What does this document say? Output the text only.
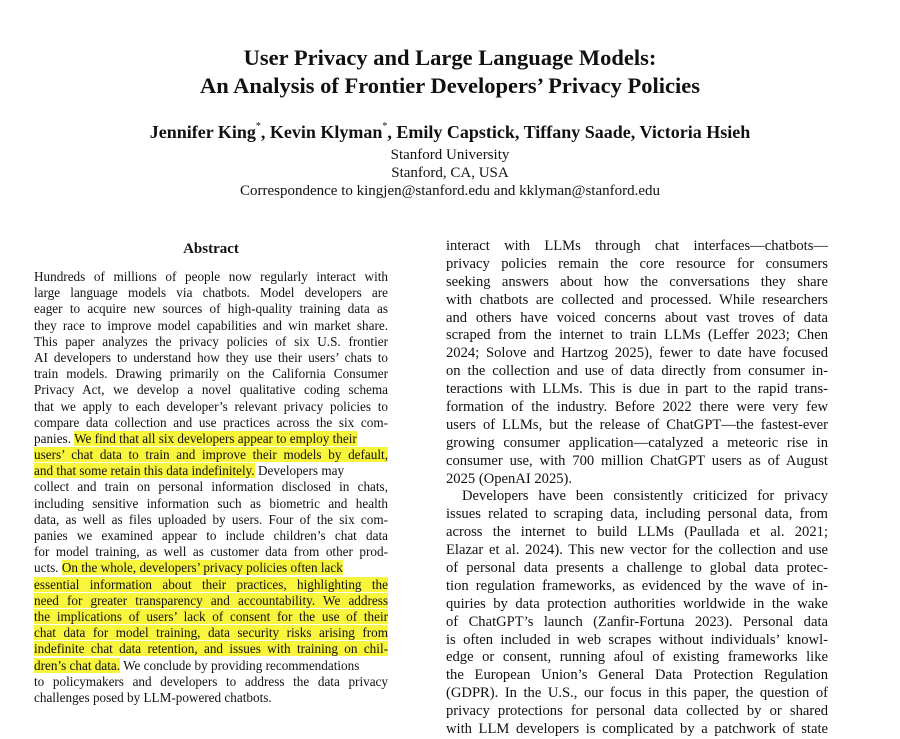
User Privacy and Large Language Models:
An Analysis of Frontier Developers’ Privacy Policies
Jennifer King*, Kevin Klyman*, Emily Capstick, Tiffany Saade, Victoria Hsieh
Stanford University
Stanford, CA, USA
Correspondence to kingjen@stanford.edu and kklyman@stanford.edu
Abstract
Hundreds of millions of people now regularly interact with
large language models via chatbots. Model developers are
eager to acquire new sources of high-quality training data as
they race to improve model capabilities and win market share.
This paper analyzes the privacy policies of six U.S. frontier
AI developers to understand how they use their users’ chats to
train models. Drawing primarily on the California Consumer
Privacy Act, we develop a novel qualitative coding schema
that we apply to each developer’s relevant privacy policies to
compare data collection and use practices across the six com-
panies. We find that all six developers appear to employ their
users’ chat data to train and improve their models by default,
and that some retain this data indefinitely. Developers may
collect and train on personal information disclosed in chats,
including sensitive information such as biometric and health
data, as well as files uploaded by users. Four of the six com-
panies we examined appear to include children’s chat data
for model training, as well as customer data from other prod-
ucts. On the whole, developers’ privacy policies often lack
essential information about their practices, highlighting the
need for greater transparency and accountability. We address
the implications of users’ lack of consent for the use of their
chat data for model training, data security risks arising from
indefinite chat data retention, and issues with training on chil-
dren’s chat data. We conclude by providing recommendations
to policymakers and developers to address the data privacy
challenges posed by LLM-powered chatbots.
interact with LLMs through chat interfaces—chatbots—
privacy policies remain the core resource for consumers
seeking answers about how the conversations they share
with chatbots are collected and processed. While researchers
and others have voiced concerns about vast troves of data
scraped from the internet to train LLMs (Leffer 2023; Chen
2024; Solove and Hartzog 2025), fewer to date have focused
on the collection and use of data directly from consumer in-
teractions with LLMs. This is due in part to the rapid trans-
formation of the industry. Before 2022 there were very few
users of LLMs, but the release of ChatGPT—the fastest-ever
growing consumer application—catalyzed a meteoric rise in
consumer use, with 700 million ChatGPT users as of August
2025 (OpenAI 2025).
Developers have been consistently criticized for privacy
issues related to scraping data, including personal data, from
across the internet to build LLMs (Paullada et al. 2021;
Elazar et al. 2024). This new vector for the collection and use
of personal data presents a challenge to global data protec-
tion regulation frameworks, as evidenced by the wave of in-
quiries by data protection authorities worldwide in the wake
of ChatGPT’s launch (Zanfir-Fortuna 2023). Personal data
is often included in web scrapes without individuals’ knowl-
edge or consent, running afoul of existing frameworks like
the European Union’s General Data Protection Regulation
(GDPR). In the U.S., our focus in this paper, the question of
privacy protections for personal data collected by or shared
with LLM developers is complicated by a patchwork of state
